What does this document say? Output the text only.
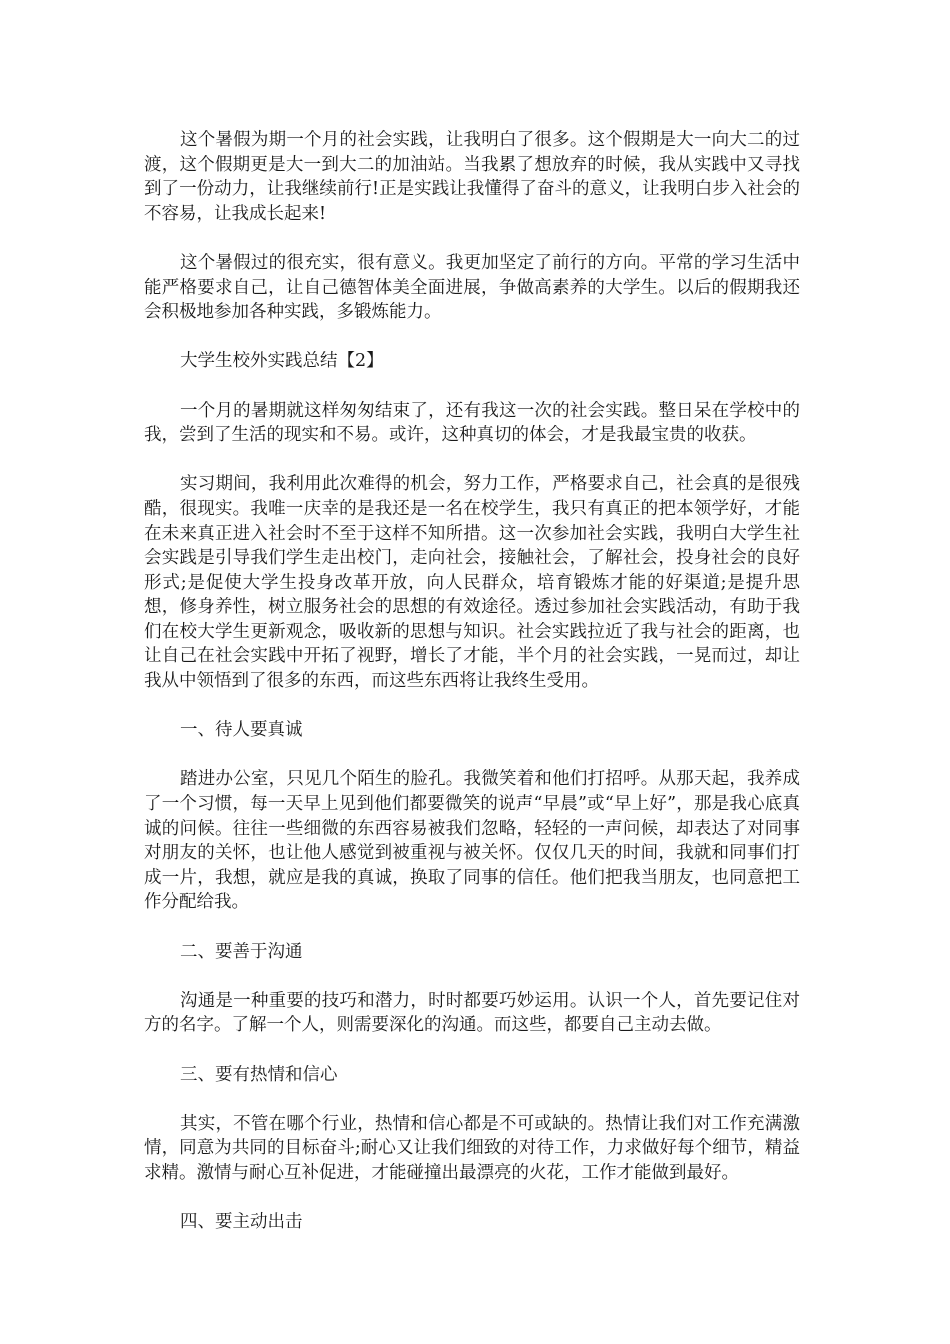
这个暑假为期一个月的社会实践，让我明白了很多。这个假期是大一向大二的过渡，这个假期更是大一到大二的加油站。当我累了想放弃的时候，我从实践中又寻找到了一份动力，让我继续前行!正是实践让我懂得了奋斗的意义，让我明白步入社会的不容易，让我成长起来!

这个暑假过的很充实，很有意义。我更加坚定了前行的方向。平常的学习生活中能严格要求自己，让自己德智体美全面进展，争做高素养的大学生。以后的假期我还会积极地参加各种实践，多锻炼能力。

大学生校外实践总结【2】

一个月的暑期就这样匆匆结束了，还有我这一次的社会实践。整日呆在学校中的我，尝到了生活的现实和不易。或许，这种真切的体会，才是我最宝贵的收获。

实习期间，我利用此次难得的机会，努力工作，严格要求自己，社会真的是很残酷，很现实。我唯一庆幸的是我还是一名在校学生，我只有真正的把本领学好，才能在未来真正进入社会时不至于这样不知所措。这一次参加社会实践，我明白大学生社会实践是引导我们学生走出校门，走向社会，接触社会，了解社会，投身社会的良好形式;是促使大学生投身改革开放，向人民群众，培育锻炼才能的好渠道;是提升思想，修身养性，树立服务社会的思想的有效途径。透过参加社会实践活动，有助于我们在校大学生更新观念，吸收新的思想与知识。社会实践拉近了我与社会的距离，也让自己在社会实践中开拓了视野，增长了才能，半个月的社会实践，一晃而过，却让我从中领悟到了很多的东西，而这些东西将让我终生受用。

一、待人要真诚

踏进办公室，只见几个陌生的脸孔。我微笑着和他们打招呼。从那天起，我养成了一个习惯，每一天早上见到他们都要微笑的说声“早晨”或“早上好”，那是我心底真诚的问候。往往一些细微的东西容易被我们忽略，轻轻的一声问候，却表达了对同事对朋友的关怀，也让他人感觉到被重视与被关怀。仅仅几天的时间，我就和同事们打成一片，我想，就应是我的真诚，换取了同事的信任。他们把我当朋友，也同意把工作分配给我。

二、要善于沟通

沟通是一种重要的技巧和潜力，时时都要巧妙运用。认识一个人，首先要记住对方的名字。了解一个人，则需要深化的沟通。而这些，都要自己主动去做。

三、要有热情和信心

其实，不管在哪个行业，热情和信心都是不可或缺的。热情让我们对工作充满激情，同意为共同的目标奋斗;耐心又让我们细致的对待工作，力求做好每个细节，精益求精。激情与耐心互补促进，才能碰撞出最漂亮的火花，工作才能做到最好。

四、要主动出击
